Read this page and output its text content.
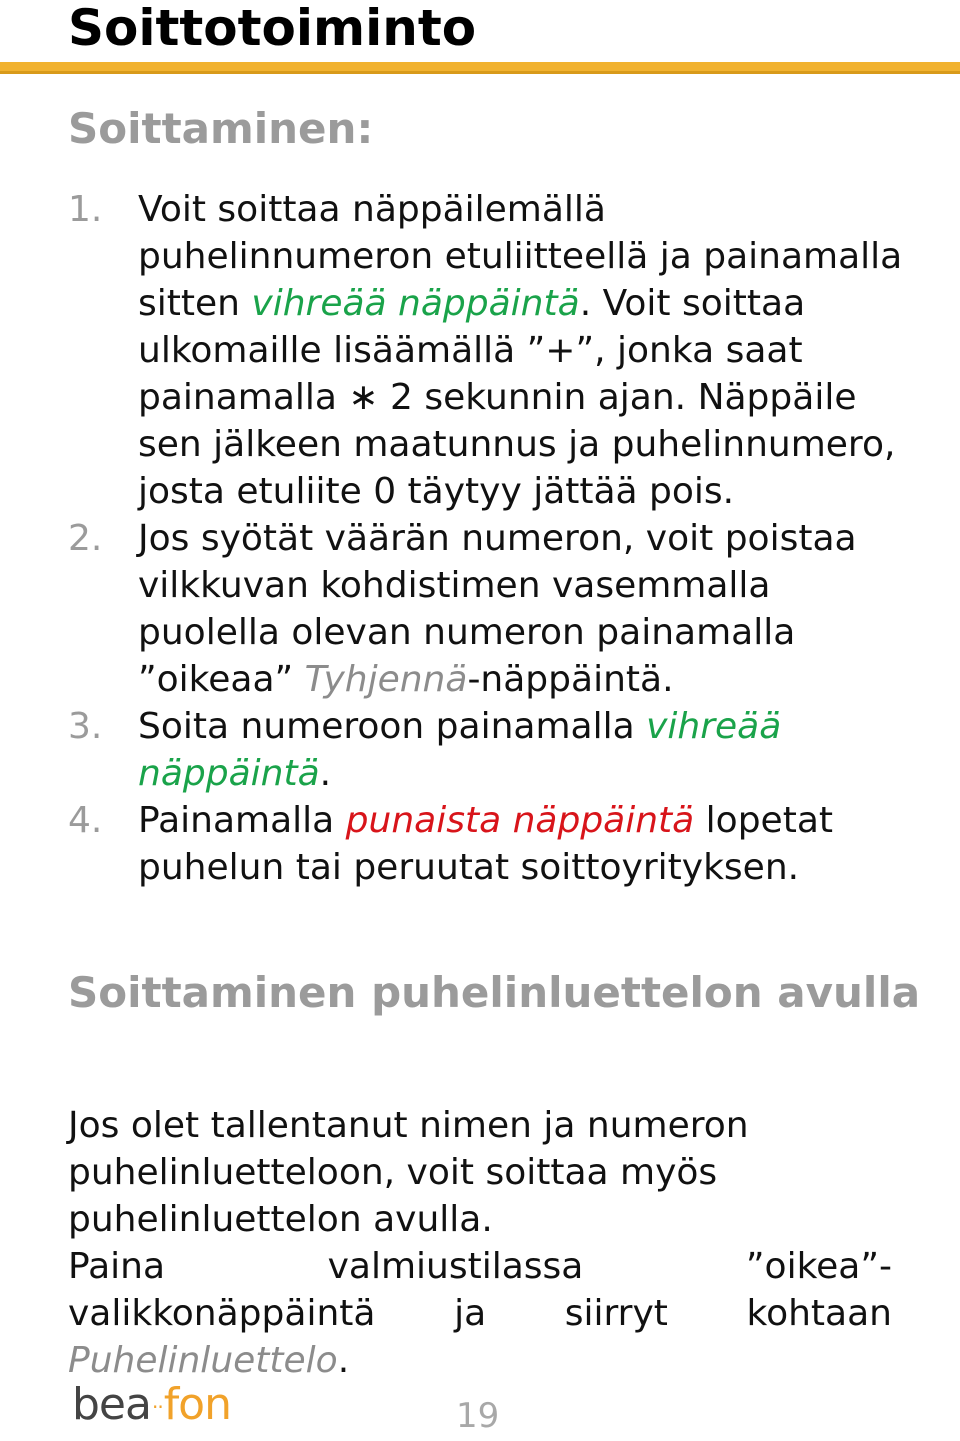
Soittotoiminto
Soittaminen:
1. Voit soittaa näppäilemällä puhelinnumeron etuliitteellä ja painamalla sitten vihreää näppäintä. Voit soittaa ulkomaille lisäämällä ”+”, jonka saat painamalla ∗ 2 sekunnin ajan. Näppäile sen jälkeen maatunnus ja puhelinnumero, josta etuliite 0 täytyy jättää pois.
2. Jos syötät väärän numeron, voit poistaa vilkkuvan kohdistimen vasemmalla puolella olevan numeron painamalla ”oikeaa” Tyhjennä-näppäintä.
3. Soita numeroon painamalla vihreää näppäintä.
4. Painamalla punaista näppäintä lopetat puhelun tai peruutat soittoyrityksen.
Soittaminen puhelinluettelon avulla

Jos olet tallentanut nimen ja numeron puhelinluetteloon, voit soittaa myös puhelinluettelon avulla.

Paina valmiustilassa ”oikea”-valikkonäppäintä ja siirryt kohtaan Puhelinluettelo.

bea··fon	19
